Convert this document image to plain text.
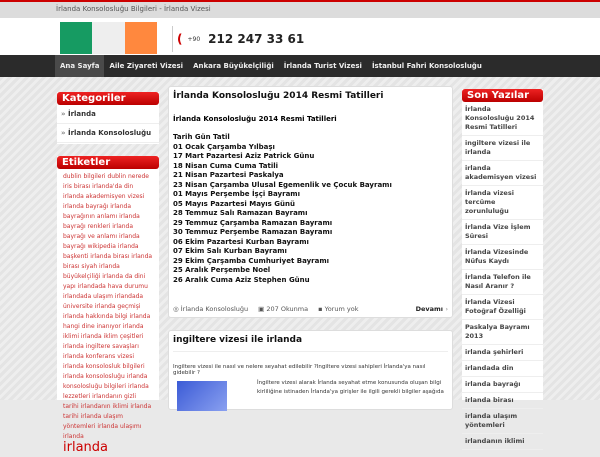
İrlanda Konsolosluğu Bilgileri - İrlanda Vizesi
( +90 212 247 33 61
Ana Sayfa	Aile Ziyareti Vizesi	Ankara Büyükelçiliği	İrlanda Turist Vizesi	İstanbul Fahri Konsolosluğu
Kategoriler
» İrlanda
» İrlanda Konsolosluğu
Etiketler

dublin bilgileri dublin nerede iris birası irlanda'da din irlanda akademisyen vizesi irlanda bayrağı irlanda bayrağının anlamı irlanda bayrağı renkleri irlanda bayrağı ve anlamı irlanda bayrağı wikipedia irlanda başkenti irlanda birası irlanda birası siyah irlanda büyükelçiliği irlanda da dini yapı irlandada hava durumu irlandada ulaşım irlandada üniversite irlanda geçmişi irlanda hakkında bilgi irlanda hangi dine inanıyor irlanda iklimi irlanda iklim çeşitleri irlanda ingiltere savaşları irlanda konferans vizesi irlanda konsolosluk bilgileri irlanda konsolosluğu irlanda konsolosluğu bilgileri irlanda lezzetleri irlandanın gizli tarihi irlandanın iklimi irlanda tarihi irlanda ulaşım yöntemleri irlanda ulaşımı irlanda
irlanda

İrlanda Konsolosluğu 2014 Resmi Tatilleri
İrlanda Konsolosluğu 2014 Resmi Tatilleri
Tarih Gün Tatil
01 Ocak Çarşamba Yılbaşı
17 Mart Pazartesi Aziz Patrick Günu
18 Nisan Cuma Cuma Tatili
21 Nisan Pazartesi Paskalya
23 Nisan Çarşamba Ulusal Egemenlik ve Çocuk Bayramı
01 Mayıs Perşembe İşçi Bayramı
05 Mayıs Pazartesi Mayıs Günü
28 Temmuz Salı Ramazan Bayramı
29 Temmuz Çarşamba Ramazan Bayramı
30 Temmuz Perşembe Ramazan Bayramı
06 Ekim Pazartesi Kurban Bayramı
07 Ekim Salı Kurban Bayramı
29 Ekim Çarşamba Cumhuriyet Bayramı
25 Aralık Perşembe Noel
26 Aralık Cuma Aziz Stephen Günu
◎ İrlanda Konsolosluğu ▣ 207 Okunma ▪ Yorum yok	Devamı ›
ingiltere vizesi ile irlanda
Ingiltere vizesi ile nasıl ve nelere seyahat edilebilir ?Ingiltere vizesi sahipleri İrlanda'ya nasıl gidebilir ?
İngiltere vizesi alarak İrlanda seyahat etme konusunda oluşan bilgi kirliliğine istinaden İrlanda'ya girişler ile ilgili gerekli bilgiler aşağıda
Son Yazılar
İrlanda Konsolosluğu 2014 Resmi Tatilleri
ingiltere vizesi ile irlanda
irlanda akademisyen vizesi
İrlanda vizesi tercüme zorunluluğu
İrlanda Vize İşlem Süresi
İrlanda Vizesinde Nüfus Kaydı
İrlanda Telefon ile Nasıl Aranır ?
İrlanda Vizesi Fotoğraf Özelliği
Paskalya Bayramı 2013
irlanda şehirleri
irlandada din
irlanda bayrağı
irlanda birası
irlanda ulaşım yöntemleri
irlandanın iklimi
